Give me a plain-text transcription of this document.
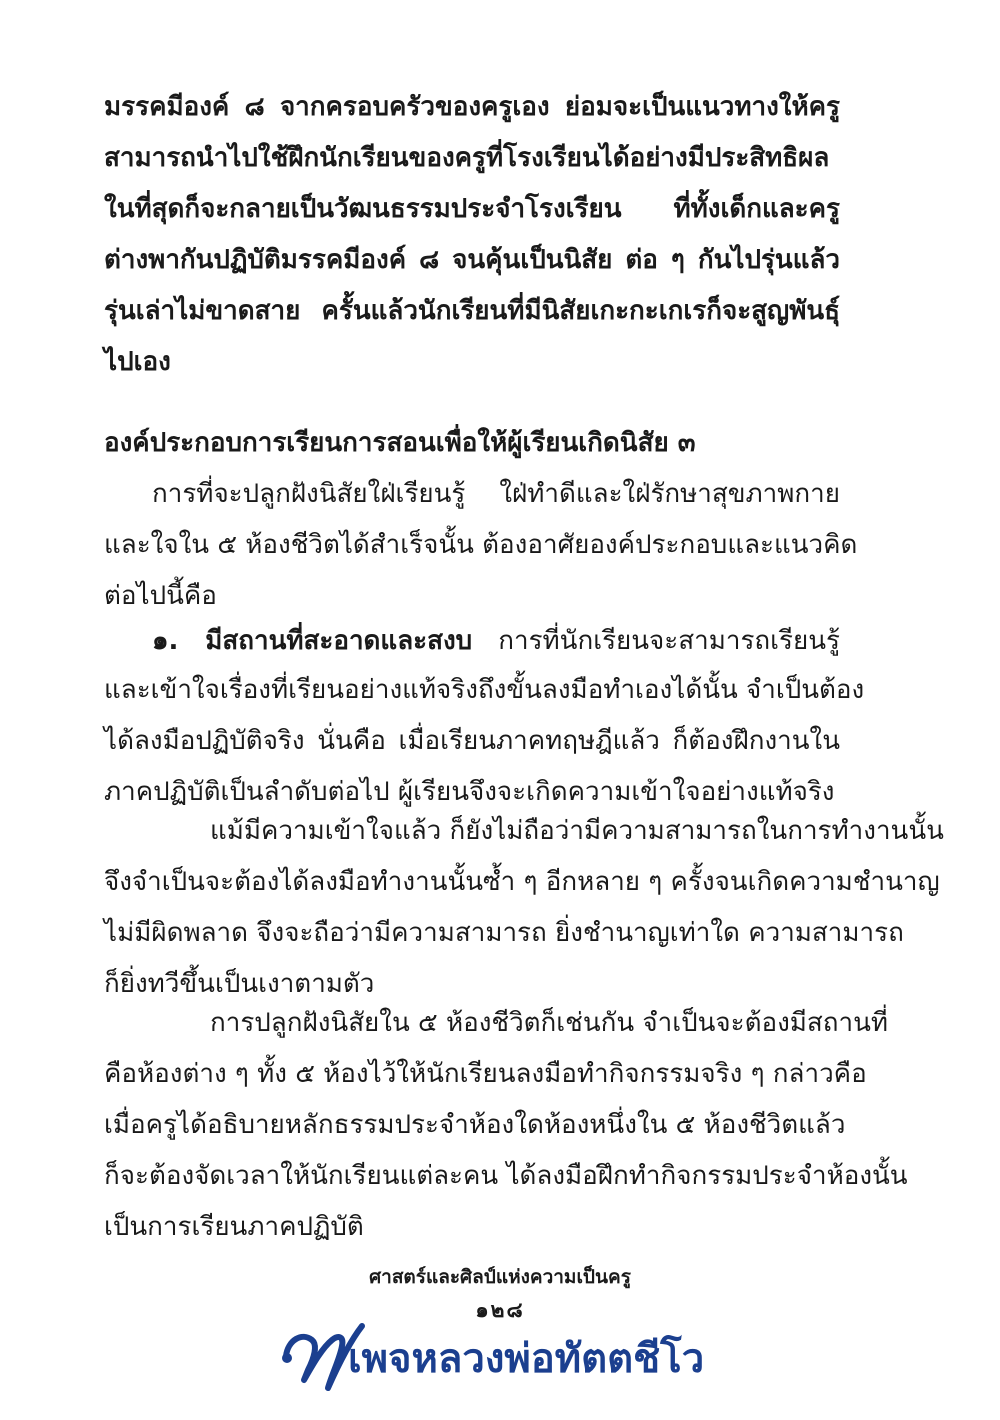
มรรคมีองค์ ๘ จากครอบครัวของครูเอง ย่อมจะเป็นแนวทางให้ครู
สามารถนำไปใช้ฝึกนักเรียนของครูที่โรงเรียนได้อย่างมีประสิทธิผล
ในที่สุดก็จะกลายเป็นวัฒนธรรมประจำโรงเรียน ที่ทั้งเด็กและครู
ต่างพากันปฏิบัติมรรคมีองค์ ๘ จนคุ้นเป็นนิสัย ต่อ ๆ กันไปรุ่นแล้ว
รุ่นเล่าไม่ขาดสาย ครั้นแล้วนักเรียนที่มีนิสัยเกะกะเกเรก็จะสูญพันธุ์
ไปเอง
องค์ประกอบการเรียนการสอนเพื่อให้ผู้เรียนเกิดนิสัย ๓
การที่จะปลูกฝังนิสัยใฝ่เรียนรู้ ใฝ่ทำดีและใฝ่รักษาสุขภาพกาย
และใจใน ๕ ห้องชีวิตได้สำเร็จนั้น ต้องอาศัยองค์ประกอบและแนวคิด
ต่อไปนี้คือ
๑. มีสถานที่สะอาดและสงบ การที่นักเรียนจะสามารถเรียนรู้
และเข้าใจเรื่องที่เรียนอย่างแท้จริงถึงขั้นลงมือทำเองได้นั้น จำเป็นต้อง
ได้ลงมือปฏิบัติจริง นั่นคือ เมื่อเรียนภาคทฤษฎีแล้ว ก็ต้องฝึกงานใน
ภาคปฏิบัติเป็นลำดับต่อไป ผู้เรียนจึงจะเกิดความเข้าใจอย่างแท้จริง
แม้มีความเข้าใจแล้ว ก็ยังไม่ถือว่ามีความสามารถในการทำงานนั้น
จึงจำเป็นจะต้องได้ลงมือทำงานนั้นซ้ำ ๆ อีกหลาย ๆ ครั้งจนเกิดความชำนาญ
ไม่มีผิดพลาด จึงจะถือว่ามีความสามารถ ยิ่งชำนาญเท่าใด ความสามารถ
ก็ยิ่งทวีขึ้นเป็นเงาตามตัว
การปลูกฝังนิสัยใน ๕ ห้องชีวิตก็เช่นกัน จำเป็นจะต้องมีสถานที่
คือห้องต่าง ๆ ทั้ง ๕ ห้องไว้ให้นักเรียนลงมือทำกิจกรรมจริง ๆ กล่าวคือ
เมื่อครูได้อธิบายหลักธรรมประจำห้องใดห้องหนึ่งใน ๕ ห้องชีวิตแล้ว
ก็จะต้องจัดเวลาให้นักเรียนแต่ละคน ได้ลงมือฝึกทำกิจกรรมประจำห้องนั้น
เป็นการเรียนภาคปฏิบัติ
ศาสตร์และศิลป์แห่งความเป็นครู
๑๒๘
เพจหลวงพ่อทัตตชีโว
